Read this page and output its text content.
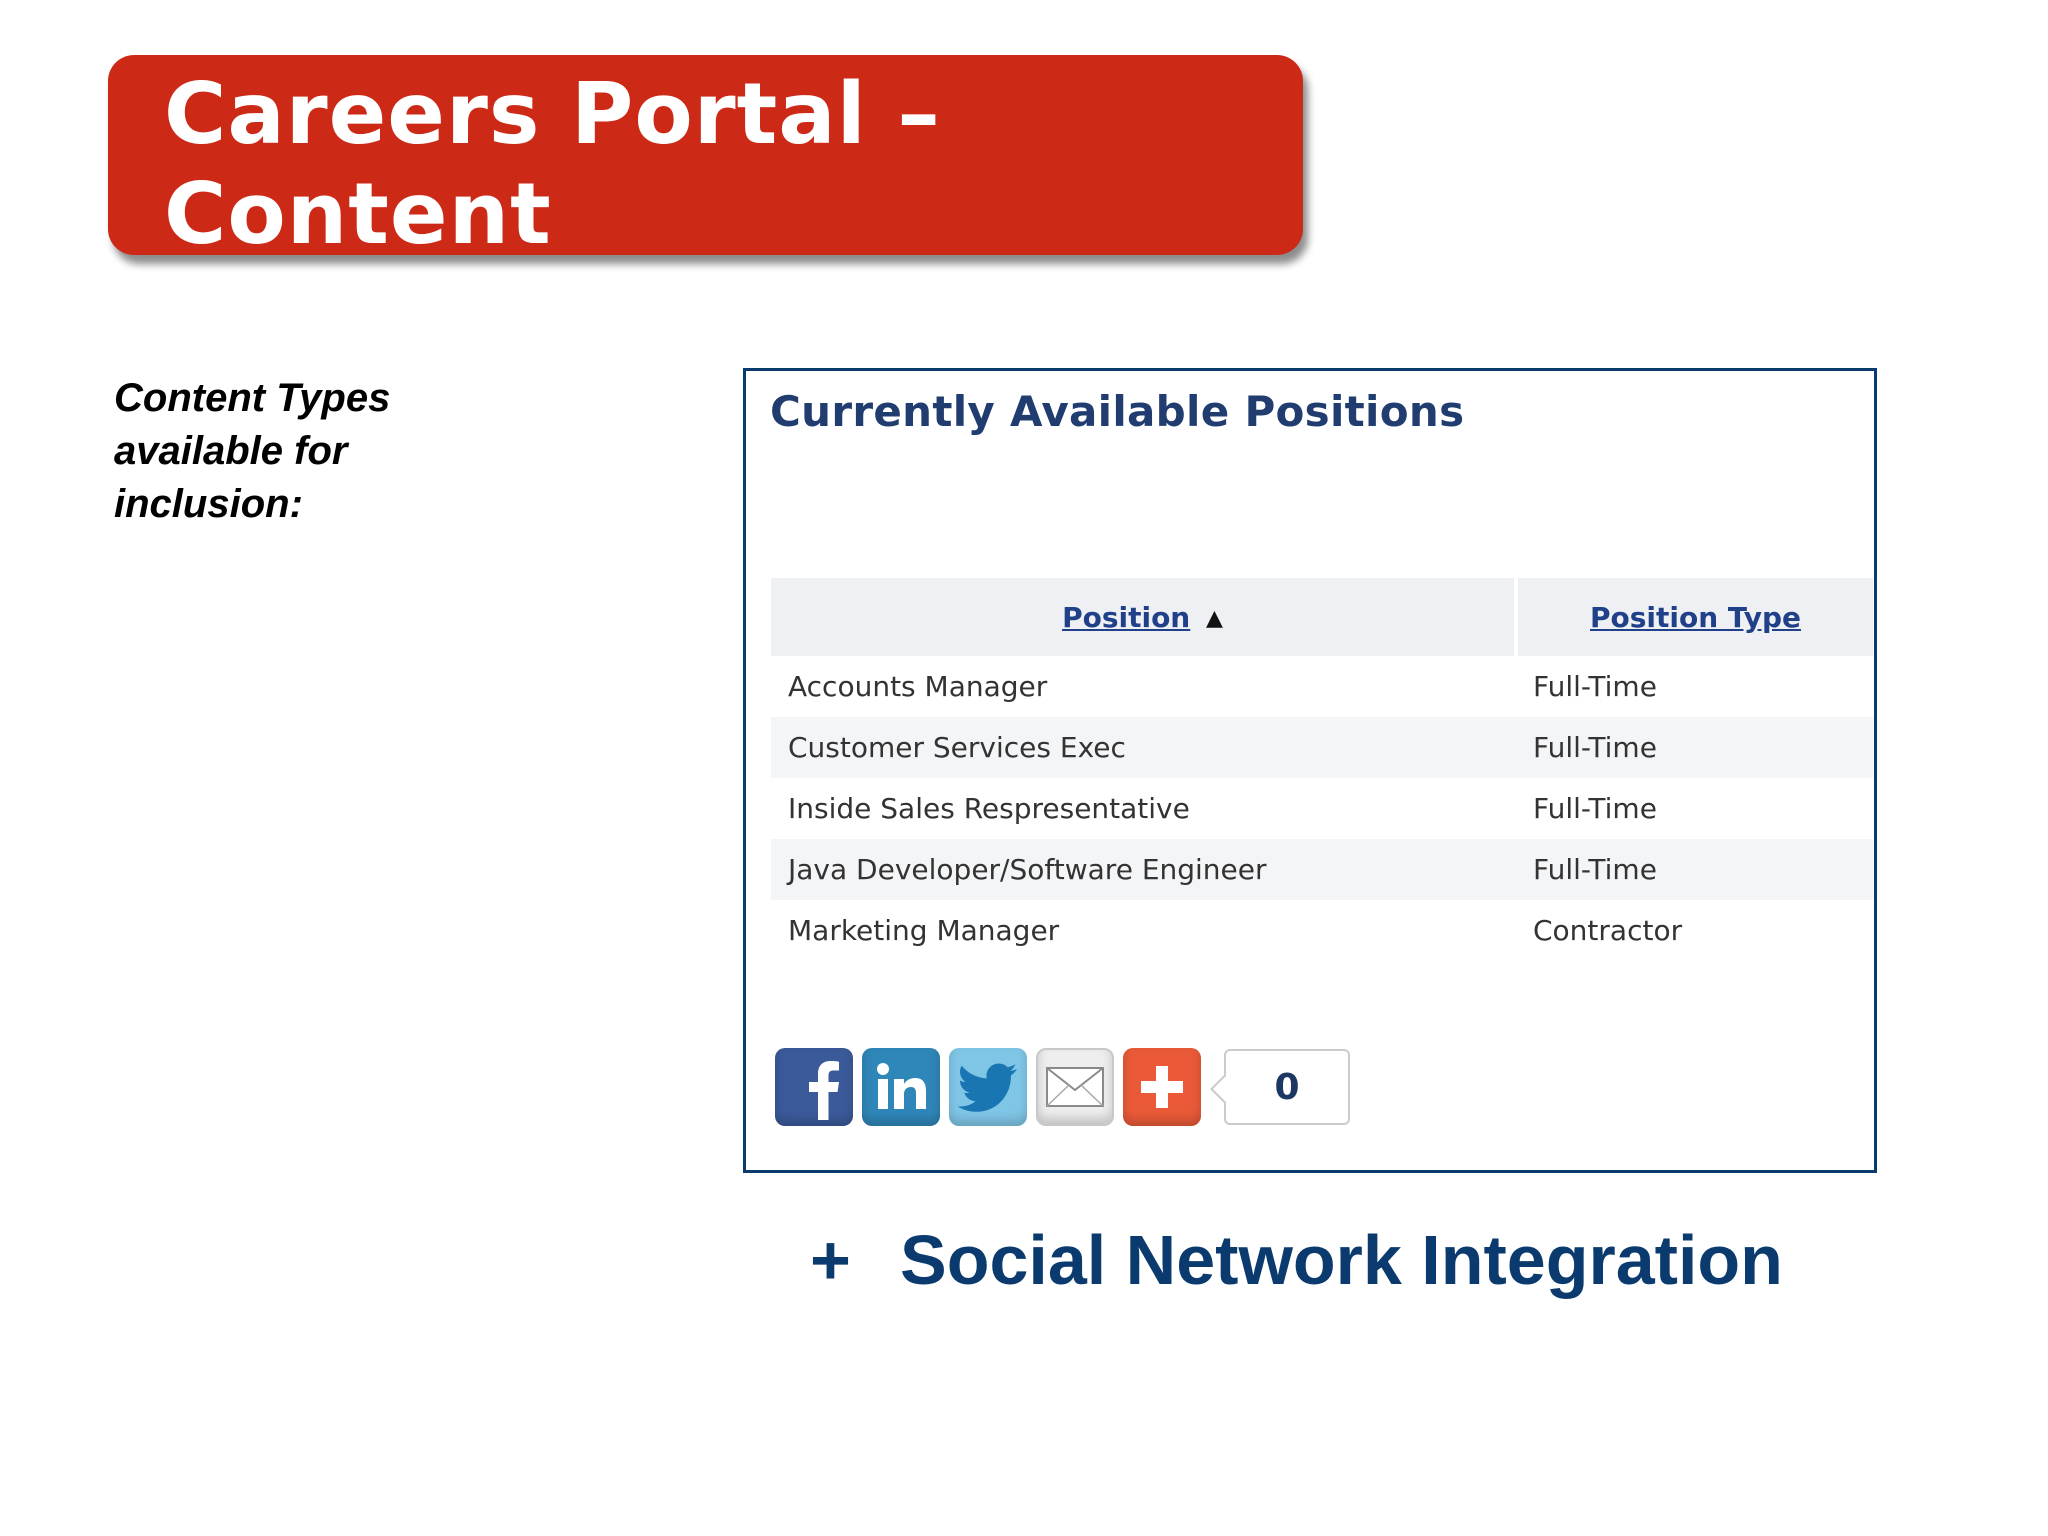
Careers Portal – Content
Areas
Content Types
available for
inclusion:
Currently Available Positions
Position ▲	Position Type
Accounts Manager	Full-Time
Customer Services Exec	Full-Time
Inside Sales Respresentative	Full-Time
Java Developer/Software Engineer	Full-Time
Marketing Manager	Contractor
0
+ Social Network Integration
